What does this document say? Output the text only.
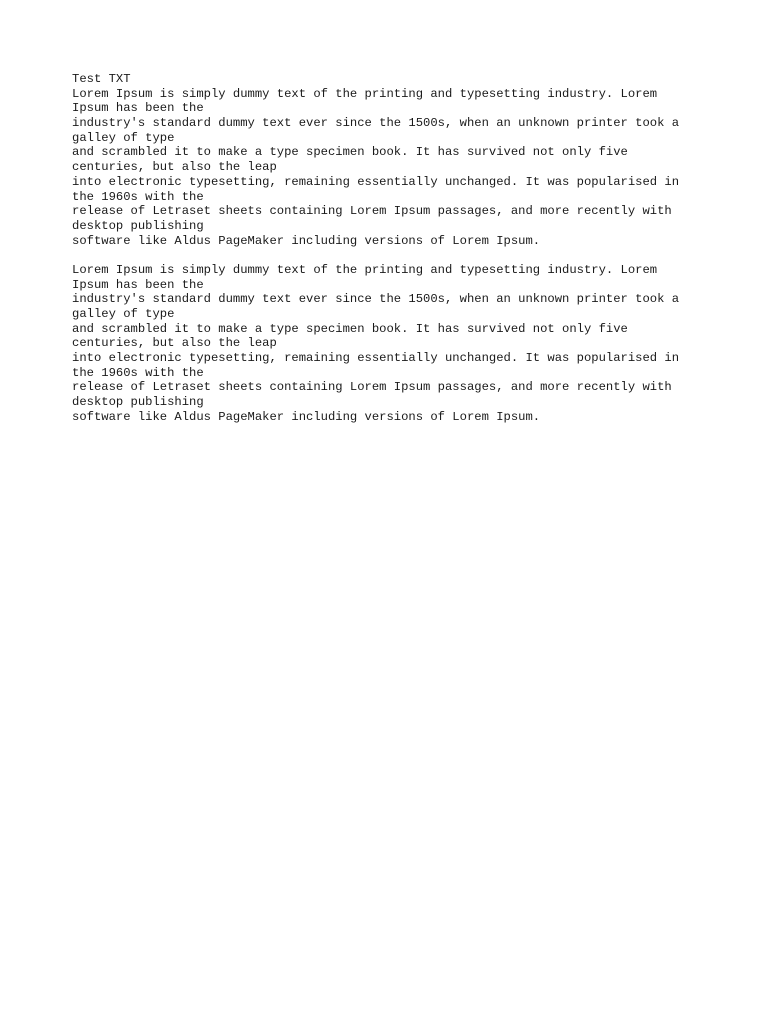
Test TXT
Lorem Ipsum is simply dummy text of the printing and typesetting industry. Lorem
Ipsum has been the
industry's standard dummy text ever since the 1500s, when an unknown printer took a
galley of type
and scrambled it to make a type specimen book. It has survived not only five
centuries, but also the leap
into electronic typesetting, remaining essentially unchanged. It was popularised in
the 1960s with the
release of Letraset sheets containing Lorem Ipsum passages, and more recently with
desktop publishing
software like Aldus PageMaker including versions of Lorem Ipsum.
Lorem Ipsum is simply dummy text of the printing and typesetting industry. Lorem
Ipsum has been the
industry's standard dummy text ever since the 1500s, when an unknown printer took a
galley of type
and scrambled it to make a type specimen book. It has survived not only five
centuries, but also the leap
into electronic typesetting, remaining essentially unchanged. It was popularised in
the 1960s with the
release of Letraset sheets containing Lorem Ipsum passages, and more recently with
desktop publishing
software like Aldus PageMaker including versions of Lorem Ipsum.
